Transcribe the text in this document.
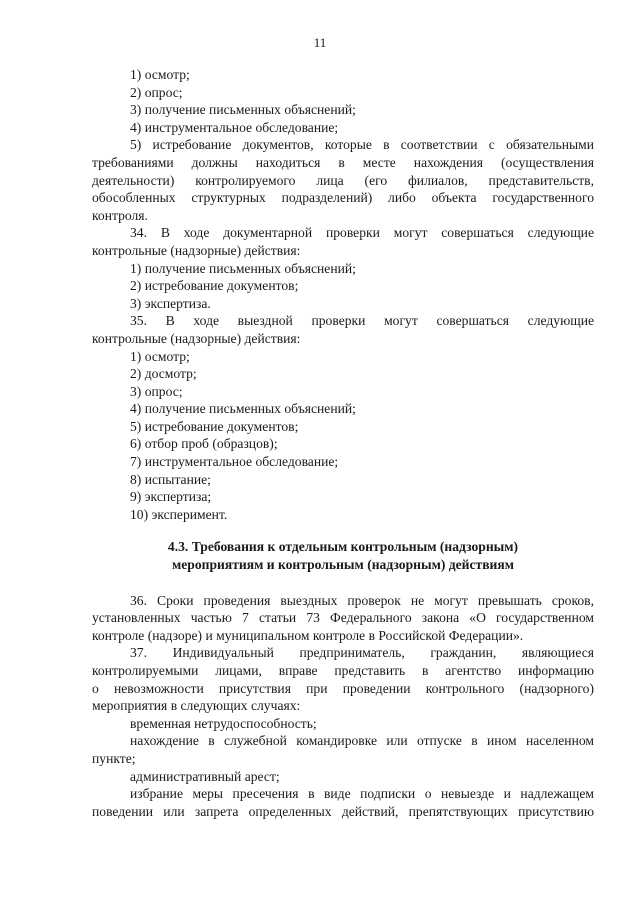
11

1) осмотр;

2) опрос;

3) получение письменных объяснений;

4) инструментальное обследование;

5) истребование документов, которые в соответствии с обязательными

требованиями должны находиться в месте нахождения (осуществления

деятельности) контролируемого лица (его филиалов, представительств,

обособленных структурных подразделений) либо объекта государственного

контроля.

34. В ходе документарной проверки могут совершаться следующие

контрольные (надзорные) действия:

1) получение письменных объяснений;

2) истребование документов;

3) экспертиза.

35. В ходе выездной проверки могут совершаться следующие

контрольные (надзорные) действия:

1) осмотр;

2) досмотр;

3) опрос;

4) получение письменных объяснений;

5) истребование документов;

6) отбор проб (образцов);

7) инструментальное обследование;

8) испытание;

9) экспертиза;

10) эксперимент.

4.3. Требования к отдельным контрольным (надзорным)
мероприятиям и контрольным (надзорным) действиям

36. Сроки проведения выездных проверок не могут превышать сроков,

установленных частью 7 статьи 73 Федерального закона «О государственном

контроле (надзоре) и муниципальном контроле в Российской Федерации».

37. Индивидуальный предприниматель, гражданин, являющиеся

контролируемыми лицами, вправе представить в агентство информацию

о невозможности присутствия при проведении контрольного (надзорного)

мероприятия в следующих случаях:

временная нетрудоспособность;

нахождение в служебной командировке или отпуске в ином населенном

пункте;

административный арест;

избрание меры пресечения в виде подписки о невыезде и надлежащем

поведении или запрета определенных действий, препятствующих присутствию
